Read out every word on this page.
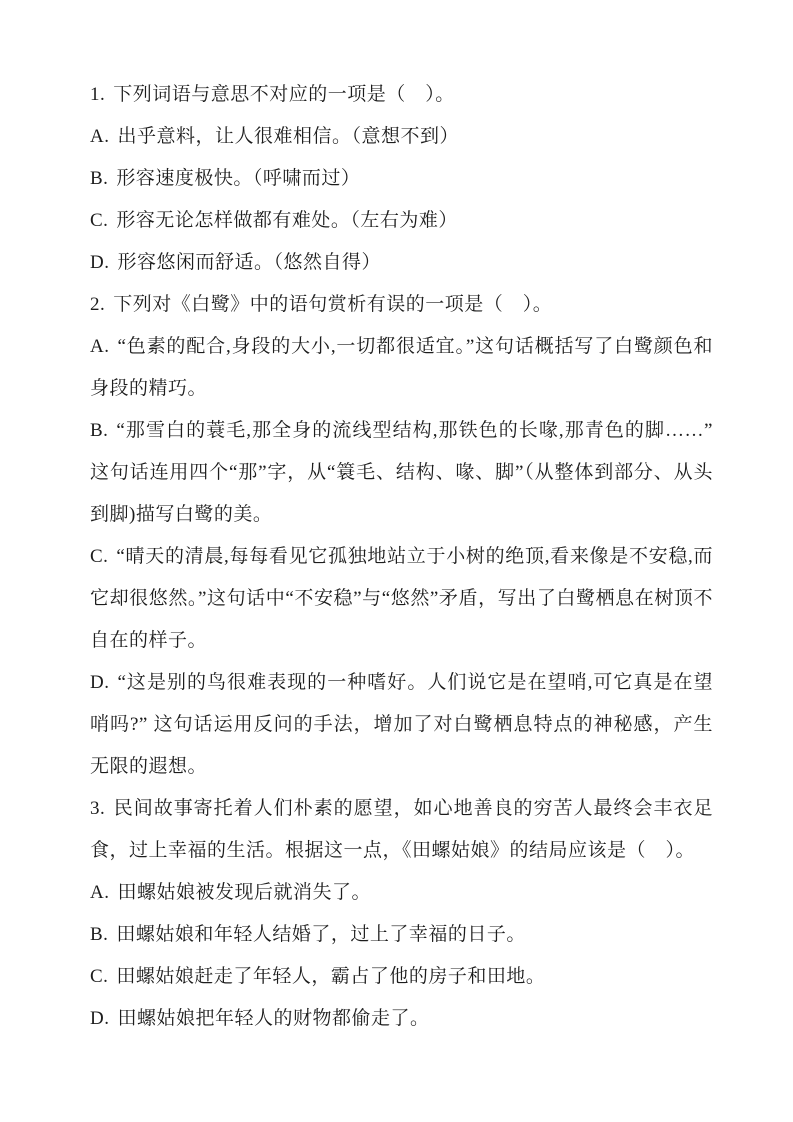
1. 下列词语与意思不对应的一项是（　）。

A. 出乎意料，让人很难相信。（意想不到）

B. 形容速度极快。（呼啸而过）

C. 形容无论怎样做都有难处。（左右为难）

D. 形容悠闲而舒适。（悠然自得）

2. 下列对《白鹭》中的语句赏析有误的一项是（　）。

A. “色素的配合,身段的大小,一切都很适宜。”这句话概括写了白鹭颜色和身段的精巧。

B. “那雪白的蓑毛,那全身的流线型结构,那铁色的长喙,那青色的脚……”这句话连用四个“那”字，从“簑毛、结构、喙、脚”（从整体到部分、从头到脚)描写白鹭的美。

C. “晴天的清晨,每每看见它孤独地站立于小树的绝顶,看来像是不安稳,而它却很悠然。”这句话中“不安稳”与“悠然”矛盾，写出了白鹭栖息在树顶不自在的样子。

D. “这是别的鸟很难表现的一种嗜好。人们说它是在望哨,可它真是在望哨吗?” 这句话运用反问的手法，增加了对白鹭栖息特点的神秘感，产生无限的遐想。

3. 民间故事寄托着人们朴素的愿望，如心地善良的穷苦人最终会丰衣足食，过上幸福的生活。根据这一点，《田螺姑娘》的结局应该是（　）。

A. 田螺姑娘被发现后就消失了。

B. 田螺姑娘和年轻人结婚了，过上了幸福的日子。

C. 田螺姑娘赶走了年轻人，霸占了他的房子和田地。

D. 田螺姑娘把年轻人的财物都偷走了。
